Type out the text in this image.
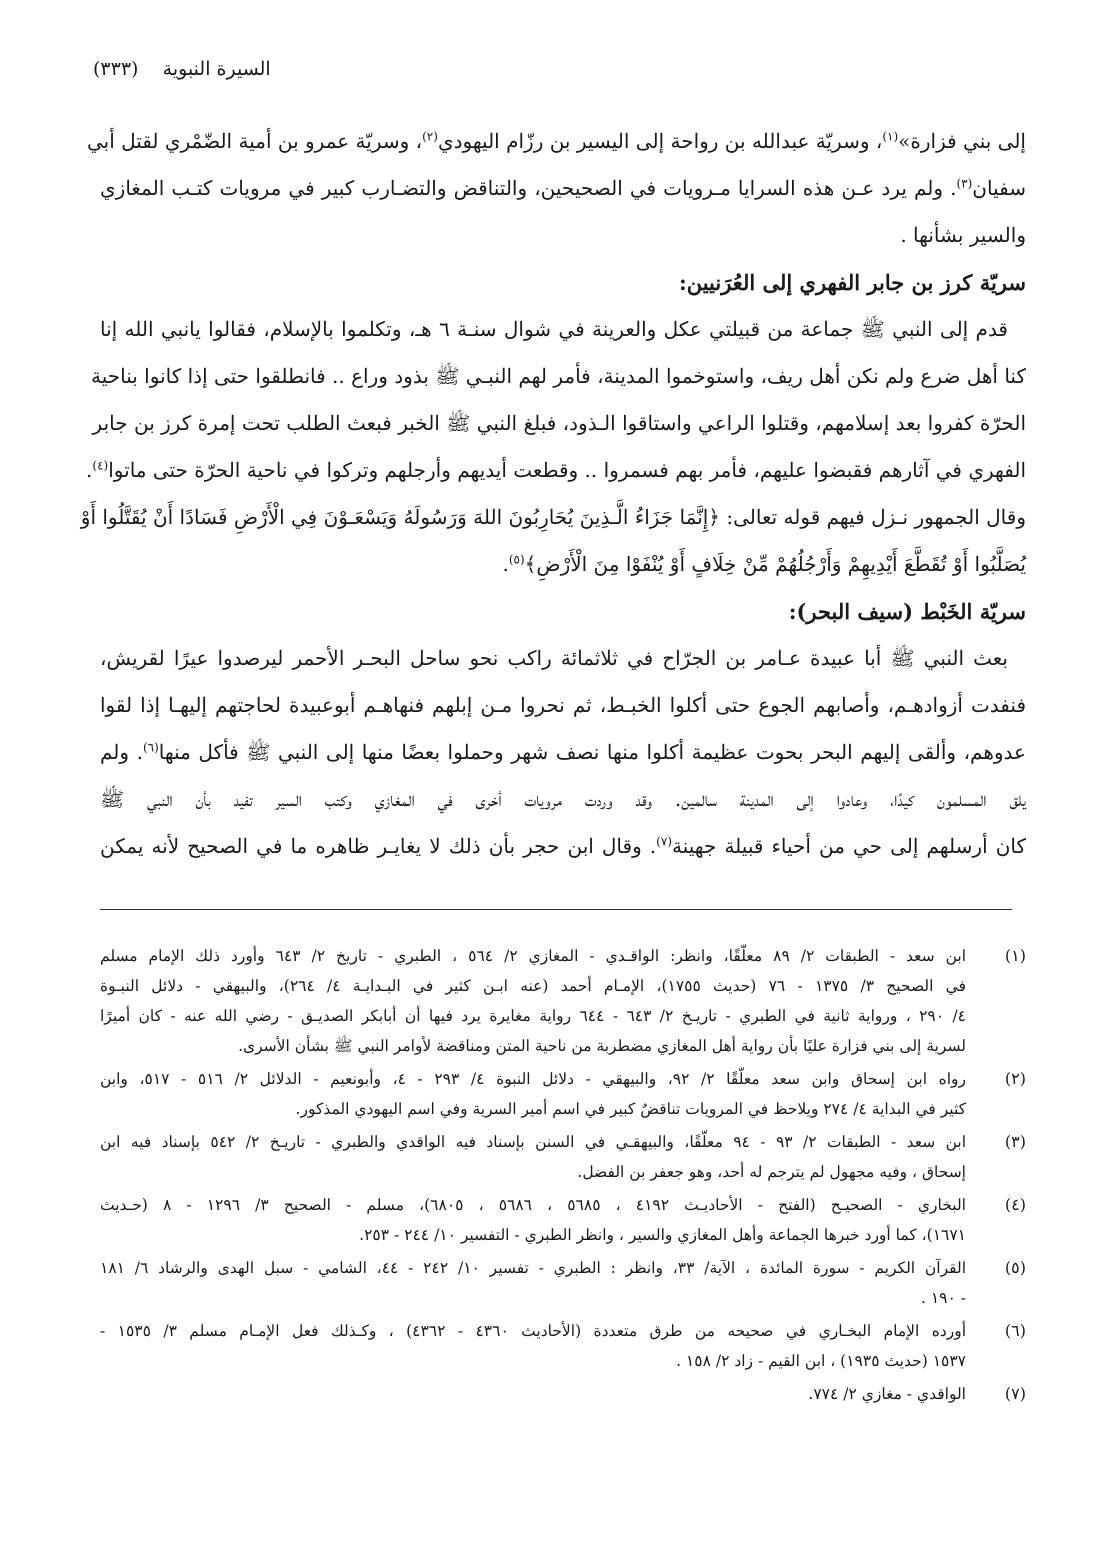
السيرة النبوية    (٣٣٣)
إلى بني فزارة»$^{(١)}$، وسريّة عبدالله بن رواحة إلى اليسير بن رزّام اليهودي$^{(٢)}$، وسريّة عمرو بن أمية الضّمْري لقتل أبي
سفيان$^{(٣)}$. ولم يرد عـن هذه السرايا مـرويات في الصحيحين، والتناقض والتضـارب كبير في مرويات كتـب المغازي
والسير بشأنها .
سريّة كرز بن جابر الفهري إلى العُرَنيين:
قدم إلى النبي ﷺ جماعة من قبيلتي عكل والعرينة في شوال سنـة ٦ هـ، وتكلموا بالإسلام، فقالوا يانبي الله إنا
كنا أهل ضرع ولم نكن أهل ريف، واستوخموا المدينة، فأمر لهم النبـي ﷺ بذود وراع .. فانطلقوا حتى إذا كانوا بناحية
الحرّة كفروا بعد إسلامهم، وقتلوا الراعي واستاقوا الـذود، فبلغ النبي ﷺ الخبر فبعث الطلب تحت إمرة كرز بن جابر
الفهري في آثارهم فقبضوا عليهم، فأمر بهم فسمروا .. وقطعت أيديهم وأرجلهم وتركوا في ناحية الحرّة حتى ماتوا$^{(٤)}$.
وقال الجمهور نـزل فيهم قوله تعالى: ﴿إِنَّمَا جَزَاءُ الَّـذِينَ يُحَارِبُونَ اللهَ وَرَسُولَهُ وَيَسْعَـوْنَ فِي الْأَرْضِ فَسَادًا أَنْ يُقَتَّلُوا أَوْ
يُصَلَّبُوا أَوْ تُقَطَّعَ أَيْدِيهِمْ وَأَرْجُلُهُمْ مِّنْ خِلَافٍ أَوْ يُنْفَوْا مِنَ الْأَرْضِ﴾$^{(٥)}$.
سريّة الخَبْط (سيف البحر):
بعث النبي ﷺ أبا عبيدة عـامر بن الجرّاح في ثلاثمائة راكب نحو ساحل البحـر الأحمر ليرصدوا عيرًا لقريش،
فنفدت أزوادهـم، وأصابهم الجوع حتى أكلوا الخبـط، ثم نحروا مـن إبلهم فنهاهـم أبوعبيدة لحاجتهم إليهـا إذا لقوا
عدوهم، وألقى إليهم البحر بحوت عظيمة أكلوا منها نصف شهر وحملوا بعضًا منها إلى النبي ﷺ فأكل منها$^{(٦)}$. ولم
يلق المسلمون كيدًا، وعادوا إلى المدينة سالمين. وقد وردت مرويات أخرى في المغازي وكتب السير تفيد بأن النبي ﷺ
كان أرسلهم إلى حي من أحياء قبيلة جهينة$^{(٧)}$. وقال ابن حجر بأن ذلك لا يغايـر ظاهره ما في الصحيح لأنه يمكن
(١)
ابن سعد - الطبقات ٢/ ٨٩ معلّقًا، وانظر: الواقـدي - المغازي ٢/ ٥٦٤ ، الطبري - تاريخ ٢/ ٦٤٣ وأورد ذلك الإمام مسلم
في الصحيح ٣/ ١٣٧٥ - ٧٦ (حديث ١٧٥٥)، الإمـام أحمد (عنه ابـن كثير في البـدايـة ٤/ ٢٦٤)، والبيهقي - دلائل النبـوة
٤/ ٢٩٠ ، ورواية ثانية في الطبري - تاريـخ ٢/ ٦٤٣ - ٦٤٤ رواية مغايرة يرد فيها أن أبابكر الصديـق - رضي الله عنه - كان أميرًا
لسرية إلى بني فزارة عليًا بأن رواية أهل المغازي مضطربة من ناحية المتن ومناقضة لأوامر النبي ﷺ بشأن الأسرى.
(٢)
رواه ابن إسحاق وابن سعد معلّقًا ٢/ ٩٢، والبيهقي - دلائل النبوة ٤/ ٢٩٣ - ٤، وأبونعيم - الدلائل ٢/ ٥١٦ - ٥١٧، وابن
كثير في البداية ٤/ ٢٧٤ ويلاحظ في المرويات تناقضٌ كبير في اسم أمير السرية وفي اسم اليهودي المذكور.
(٣)
ابن سعد - الطبقات ٢/ ٩٣ - ٩٤ معلّقًا، والبيهقـي في السنن بإسناد فيه الواقدي والطبري - تاريـخ ٢/ ٥٤٢ بإسناد فيه ابن
إسحاق ، وفيه مجهول لم يترجم له أحد، وهو جعفر بن الفضل.
(٤)
البخاري - الصحيـح (الفتح - الأحاديـث ٤١٩٢ ، ٥٦٨٥ ، ٥٦٨٦ ، ٦٨٠٥)، مسلم - الصحيح ٣/ ١٢٩٦ - ٨ (حـديث
١٦٧١)، كما أورد خبرها الجماعة وأهل المغازي والسير ، وانظر الطبري - التفسير ١٠/ ٢٤٤ - ٢٥٣.
(٥)
القرآن الكريم - سورة المائدة ، الآية/ ٣٣، وانظر : الطبري - تفسير ١٠/ ٢٤٢ - ٤٤، الشامي - سبل الهدى والرشاد ٦/ ١٨١
- ١٩٠ .
(٦)
أورده الإمام البخـاري في صحيحه من طرق متعددة (الأحاديث ٤٣٦٠ - ٤٣٦٢) ، وكـذلك فعل الإمـام مسلم ٣/ ١٥٣٥ -
١٥٣٧ (حديث ١٩٣٥) ، ابن القيم - زاد ٢/ ١٥٨ .
(٧)
الواقدي - مغازي ٢/ ٧٧٤.
